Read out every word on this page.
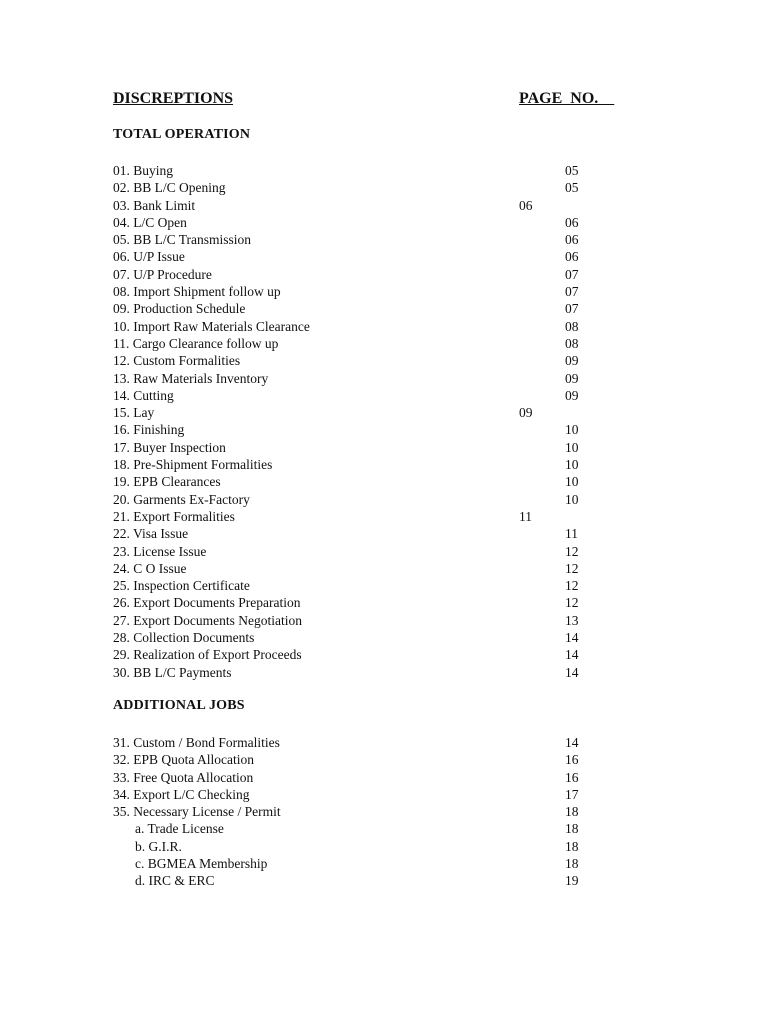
DISCREPTIONS	PAGE  NO.
TOTAL OPERATION
01. Buying	05
02. BB L/C Opening	05
03. Bank Limit	06
04. L/C Open	06
05. BB L/C Transmission	06
06. U/P Issue	06
07. U/P Procedure	07
08. Import Shipment follow up	07
09. Production Schedule	07
10. Import Raw Materials Clearance	08
11. Cargo Clearance follow up	08
12. Custom Formalities	09
13. Raw Materials Inventory	09
14. Cutting	09
15. Lay	09
16. Finishing	10
17. Buyer Inspection	10
18. Pre-Shipment Formalities	10
19. EPB Clearances	10
20. Garments Ex-Factory	10
21. Export Formalities	11
22. Visa Issue	11
23. License Issue	12
24. C O Issue	12
25. Inspection Certificate	12
26. Export Documents Preparation	12
27. Export Documents Negotiation	13
28. Collection Documents	14
29. Realization of Export Proceeds	14
30. BB L/C Payments	14
ADDITIONAL JOBS
31. Custom / Bond Formalities	14
32. EPB Quota Allocation	16
33. Free Quota Allocation	16
34. Export L/C Checking	17
35. Necessary License / Permit	18
a. Trade License	18
b. G.I.R.	18
c. BGMEA Membership	18
d. IRC & ERC	19
